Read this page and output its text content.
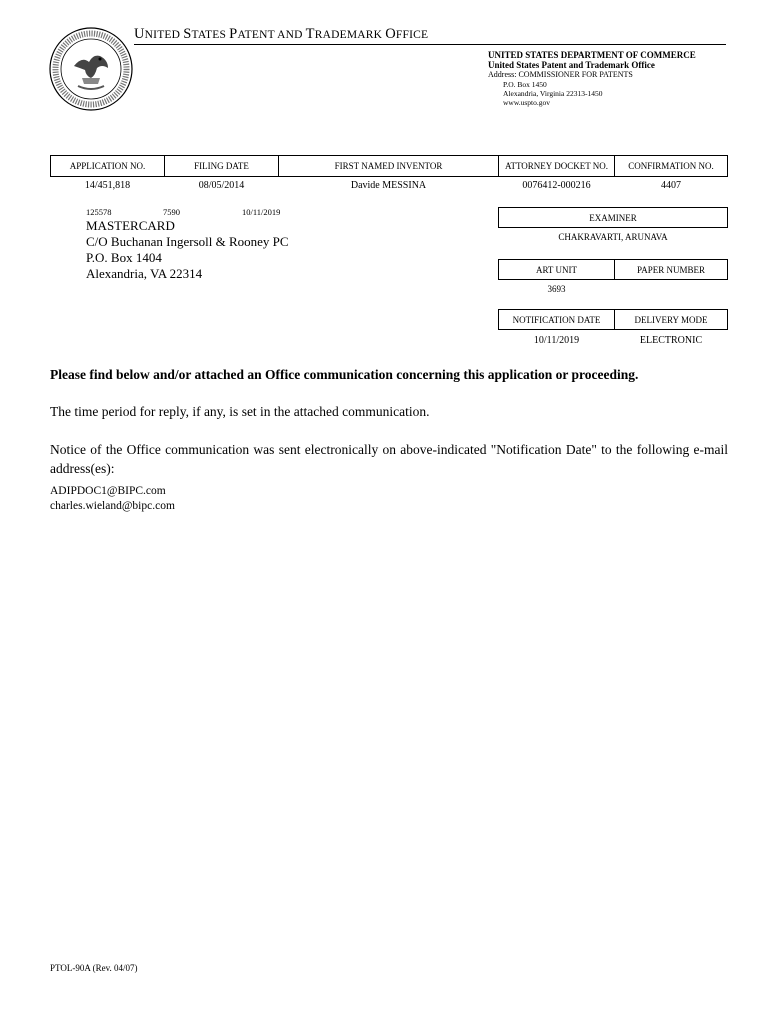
UNITED STATES PATENT AND TRADEMARK OFFICE
UNITED STATES DEPARTMENT OF COMMERCE
United States Patent and Trademark Office
Address: COMMISSIONER FOR PATENTS
P.O. Box 1450
Alexandria, Virginia 22313-1450
www.uspto.gov
APPLICATION NO.	FILING DATE	FIRST NAMED INVENTOR	ATTORNEY DOCKET NO.	CONFIRMATION NO.
14/451,818	08/05/2014	Davide MESSINA	0076412-000216	4407
125578	7590	10/11/2019
MASTERCARD
C/O Buchanan Ingersoll & Rooney PC
P.O. Box 1404
Alexandria, VA 22314
EXAMINER
CHAKRAVARTI, ARUNAVA
ART UNIT	PAPER NUMBER
3693
NOTIFICATION DATE	DELIVERY MODE
10/11/2019	ELECTRONIC
Please find below and/or attached an Office communication concerning this application or proceeding.
The time period for reply, if any, is set in the attached communication.
Notice of the Office communication was sent electronically on above-indicated "Notification Date" to the following e-mail address(es):
ADIPDOC1@BIPC.com
charles.wieland@bipc.com
PTOL-90A (Rev. 04/07)
